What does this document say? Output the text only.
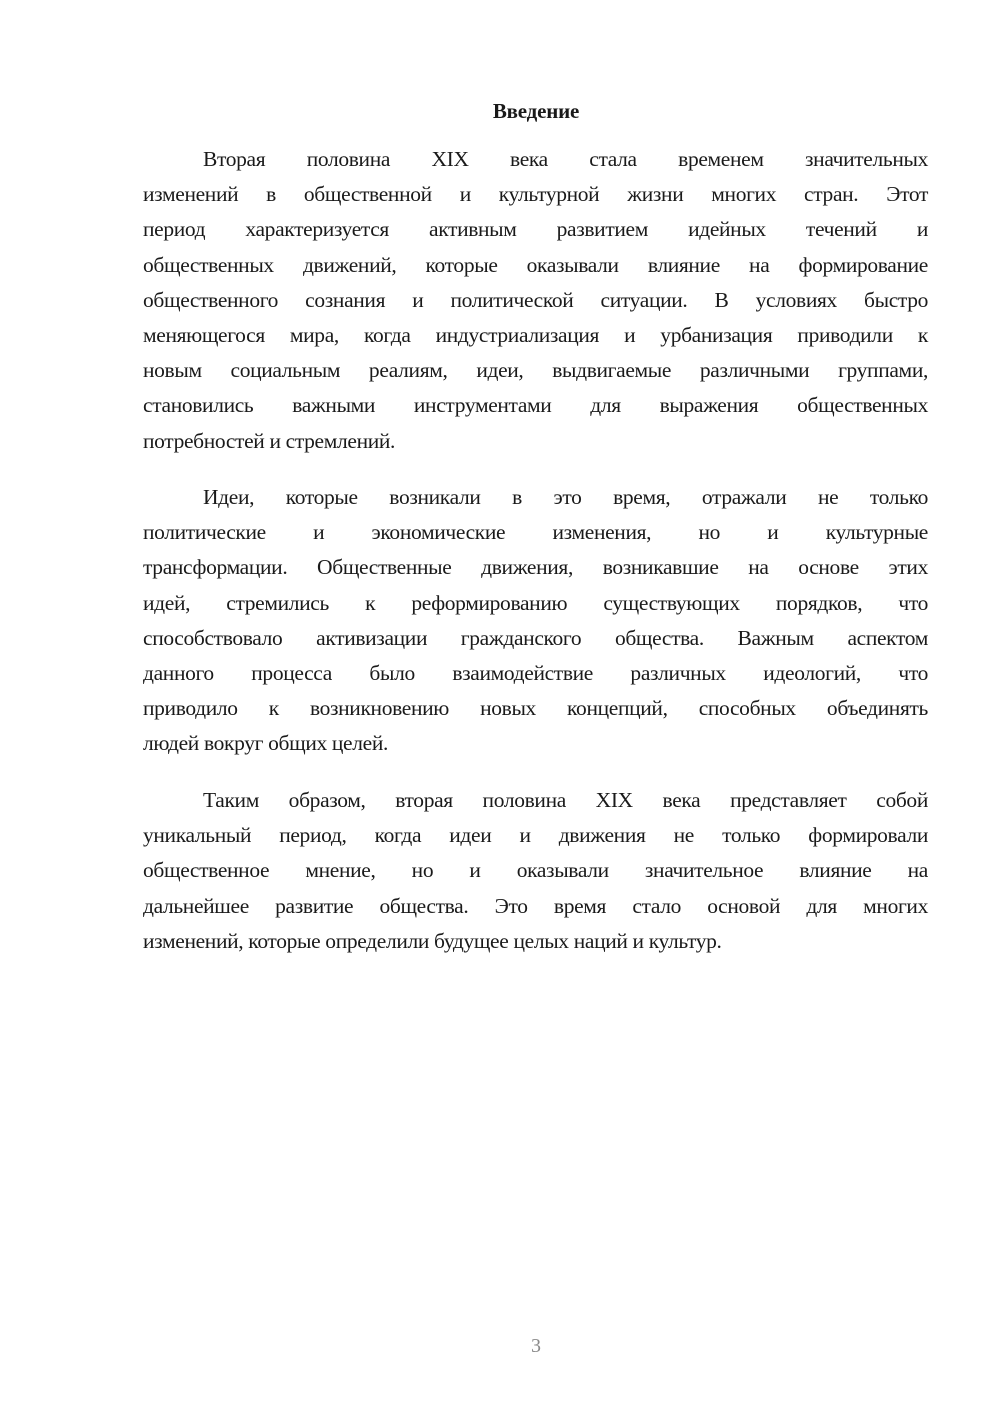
Введение
Вторая половина XIX века стала временем значительных
изменений в общественной и культурной жизни многих стран. Этот
период характеризуется активным развитием идейных течений и
общественных движений, которые оказывали влияние на формирование
общественного сознания и политической ситуации. В условиях быстро
меняющегося мира, когда индустриализация и урбанизация приводили к
новым социальным реалиям, идеи, выдвигаемые различными группами,
становились важными инструментами для выражения общественных
потребностей и стремлений.
Идеи, которые возникали в это время, отражали не только
политические и экономические изменения, но и культурные
трансформации. Общественные движения, возникавшие на основе этих
идей, стремились к реформированию существующих порядков, что
способствовало активизации гражданского общества. Важным аспектом
данного процесса было взаимодействие различных идеологий, что
приводило к возникновению новых концепций, способных объединять
людей вокруг общих целей.
Таким образом, вторая половина XIX века представляет собой
уникальный период, когда идеи и движения не только формировали
общественное мнение, но и оказывали значительное влияние на
дальнейшее развитие общества. Это время стало основой для многих
изменений, которые определили будущее целых наций и культур.
3
